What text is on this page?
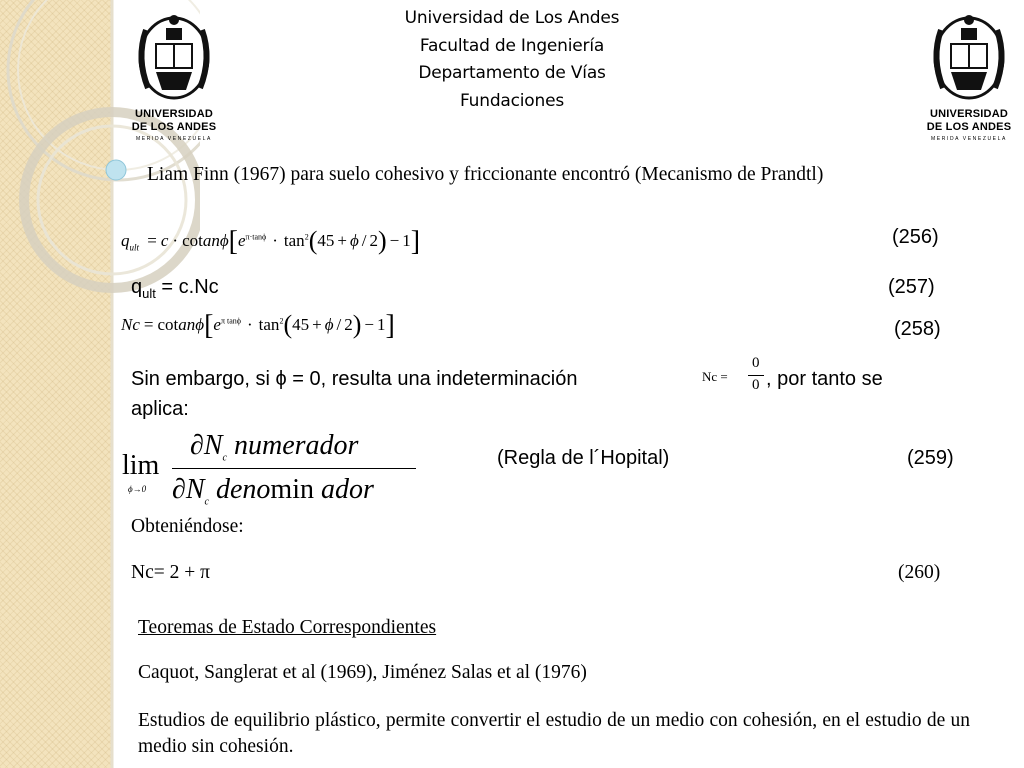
UNIVERSIDAD
DE LOS ANDES
MERIDA VENEZUELA
UNIVERSIDAD
DE LOS ANDES
MERIDA VENEZUELA
Universidad de Los Andes
Facultad de Ingeniería
Departamento de Vías
Fundaciones
Liam Finn (1967) para suelo cohesivo y friccionante encontró (Mecanismo de Prandtl)
$q_{ult} = c \cdot cotan\phi[e^{\pi\cdot tan\phi} \cdot \tan^2(45 + \phi / 2) - 1]$	(256)
$q_{ult} = c.Nc$	(257)
$Nc = cotan\phi[e^{\pi tan\phi} \cdot \tan^2(45 + \phi / 2) - 1]$	(258)
Sin embargo, si ϕ = 0, resulta una indeterminación	Nc =
0
0 , por tanto se
aplica:
lim
ϕ→0
$\partial N_c$ numerador
$\partial N_c$ denomin ador
(Regla de l´Hopital)	(259)
Obteniéndose:
Nc= 2 + π	(260)
Teoremas de Estado Correspondientes
Caquot, Sanglerat et al (1969), Jiménez Salas et al (1976)
Estudios de equilibrio plástico, permite convertir el estudio de un medio con cohesión, en el estudio de un medio sin cohesión.
